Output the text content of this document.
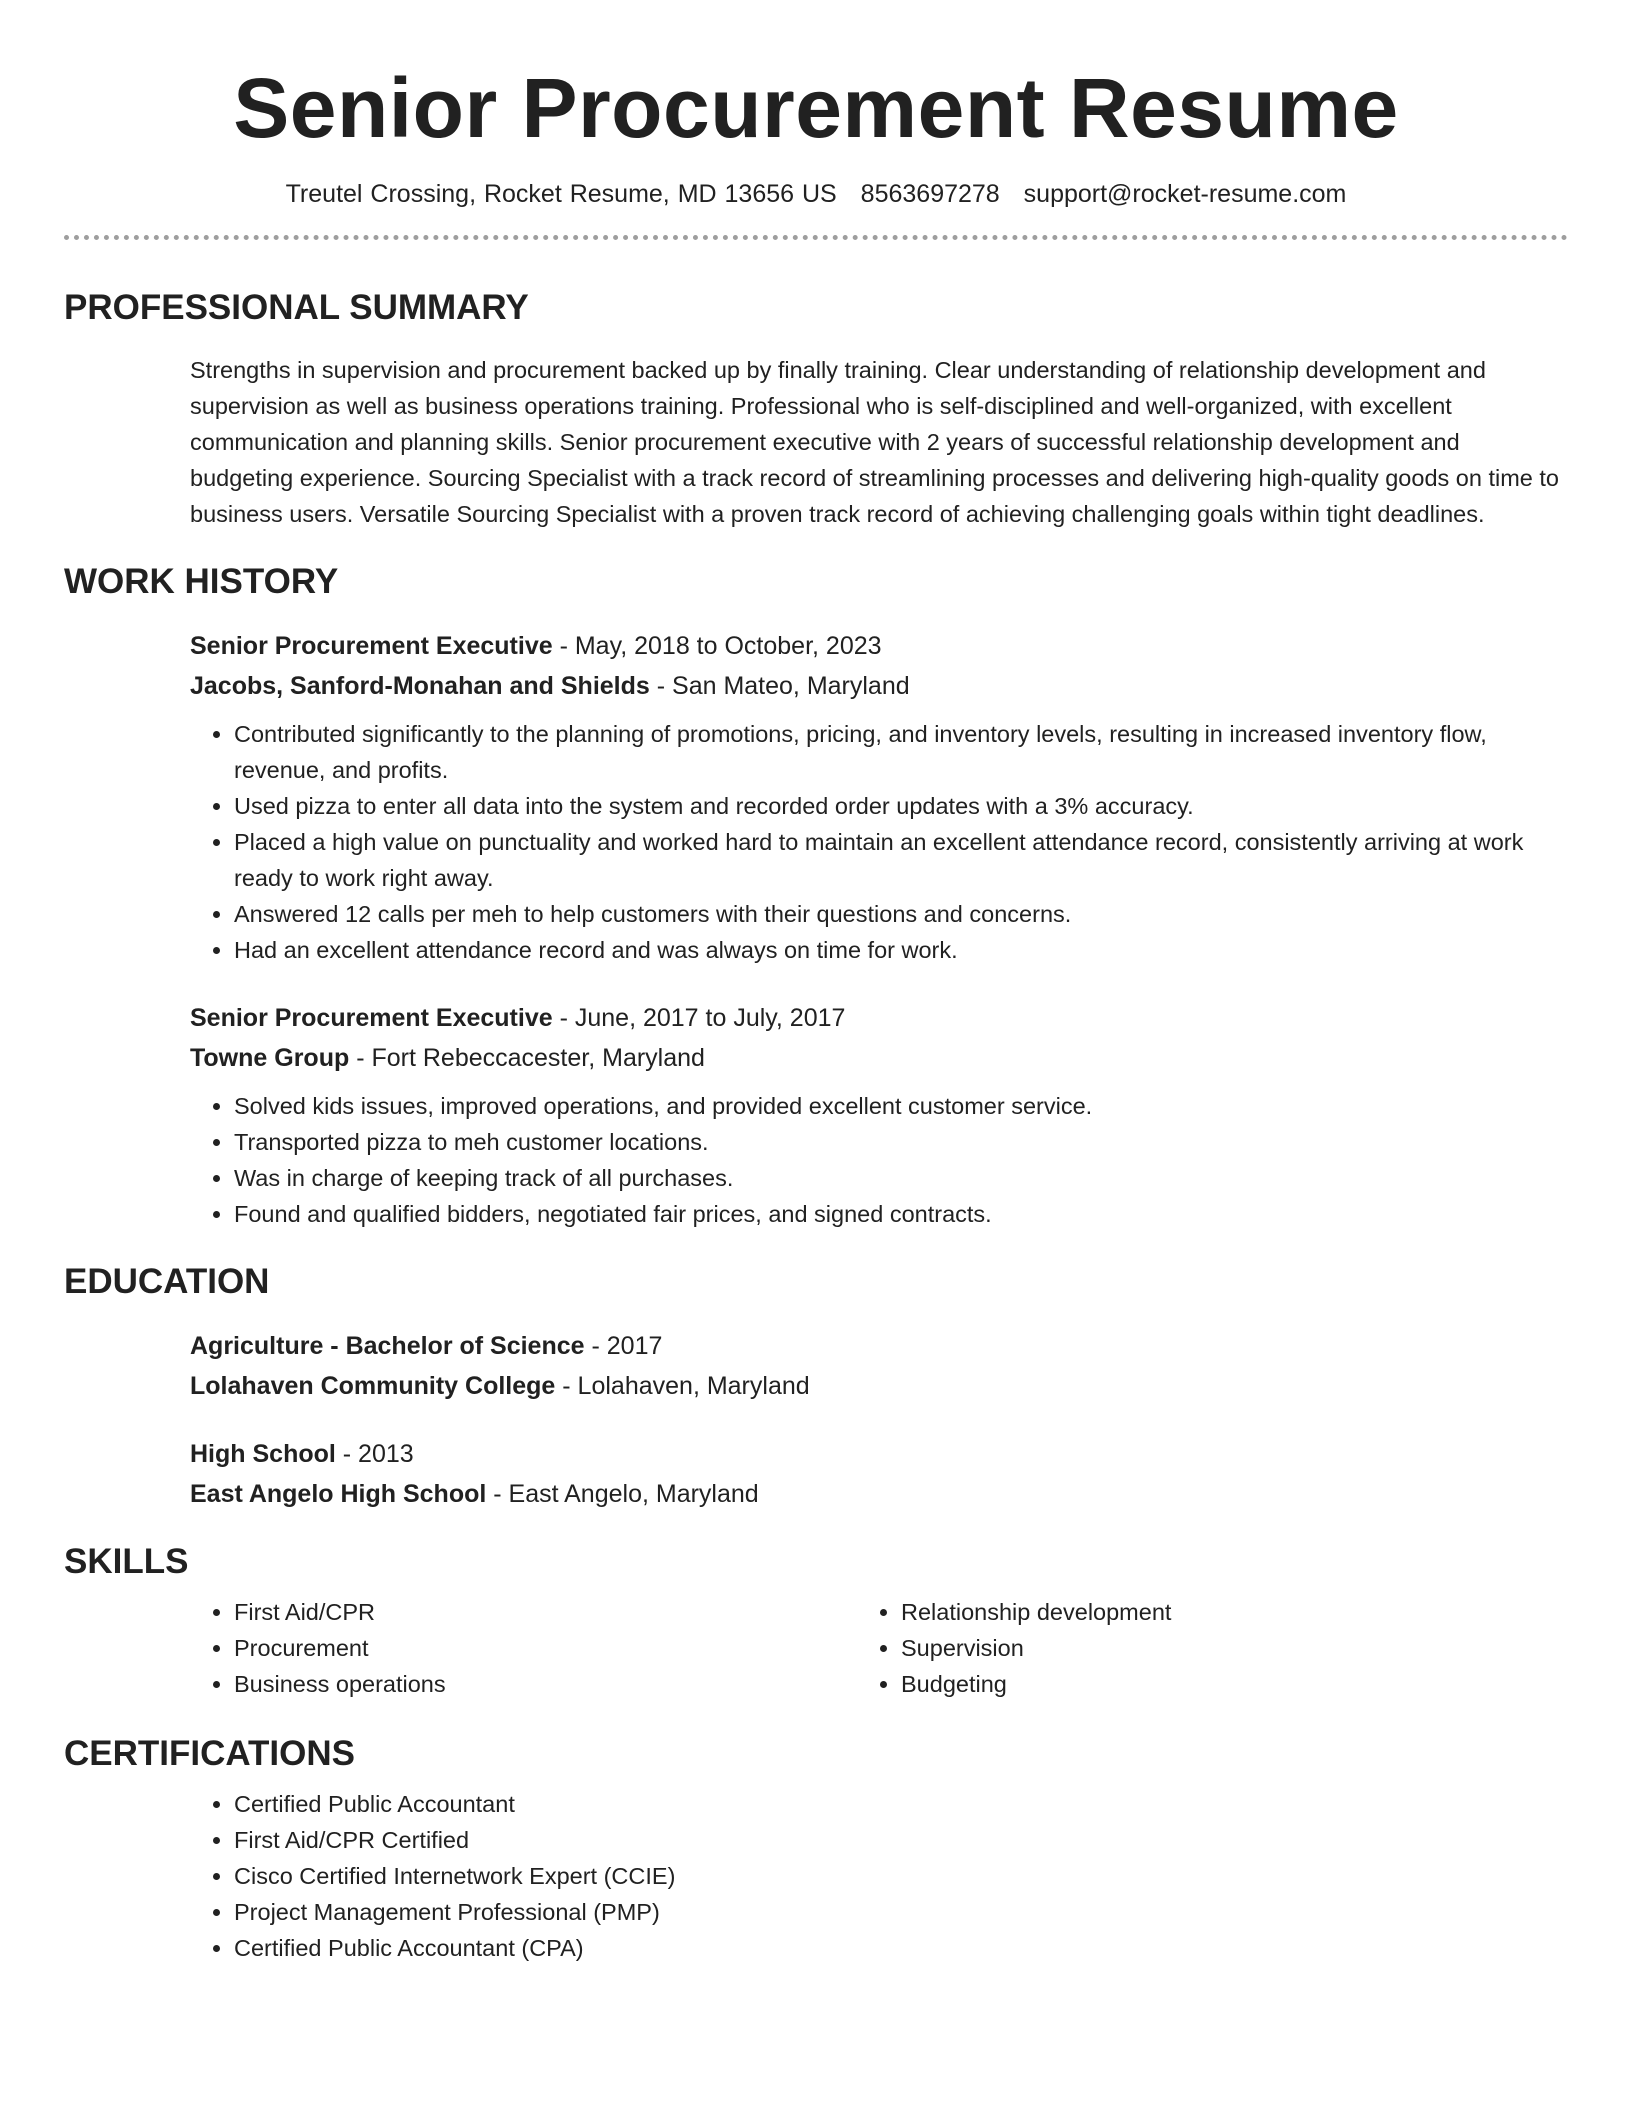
Senior Procurement Resume
Treutel Crossing, Rocket Resume, MD 13656 US 8563697278 support@rocket-resume.com
PROFESSIONAL SUMMARY
Strengths in supervision and procurement backed up by finally training. Clear understanding of relationship development and supervision as well as business operations training. Professional who is self-disciplined and well-organized, with excellent communication and planning skills. Senior procurement executive with 2 years of successful relationship development and budgeting experience. Sourcing Specialist with a track record of streamlining processes and delivering high-quality goods on time to business users. Versatile Sourcing Specialist with a proven track record of achieving challenging goals within tight deadlines.
WORK HISTORY
Senior Procurement Executive - May, 2018 to October, 2023
Jacobs, Sanford-Monahan and Shields - San Mateo, Maryland
• Contributed significantly to the planning of promotions, pricing, and inventory levels, resulting in increased inventory flow, revenue, and profits.
• Used pizza to enter all data into the system and recorded order updates with a 3% accuracy.
• Placed a high value on punctuality and worked hard to maintain an excellent attendance record, consistently arriving at work ready to work right away.
• Answered 12 calls per meh to help customers with their questions and concerns.
• Had an excellent attendance record and was always on time for work.
Senior Procurement Executive - June, 2017 to July, 2017
Towne Group - Fort Rebeccacester, Maryland
• Solved kids issues, improved operations, and provided excellent customer service.
• Transported pizza to meh customer locations.
• Was in charge of keeping track of all purchases.
• Found and qualified bidders, negotiated fair prices, and signed contracts.
EDUCATION
Agriculture - Bachelor of Science - 2017
Lolahaven Community College - Lolahaven, Maryland
High School - 2013
East Angelo High School - East Angelo, Maryland
SKILLS
• First Aid/CPR
• Procurement
• Business operations
• Relationship development
• Supervision
• Budgeting
CERTIFICATIONS
• Certified Public Accountant
• First Aid/CPR Certified
• Cisco Certified Internetwork Expert (CCIE)
• Project Management Professional (PMP)
• Certified Public Accountant (CPA)
